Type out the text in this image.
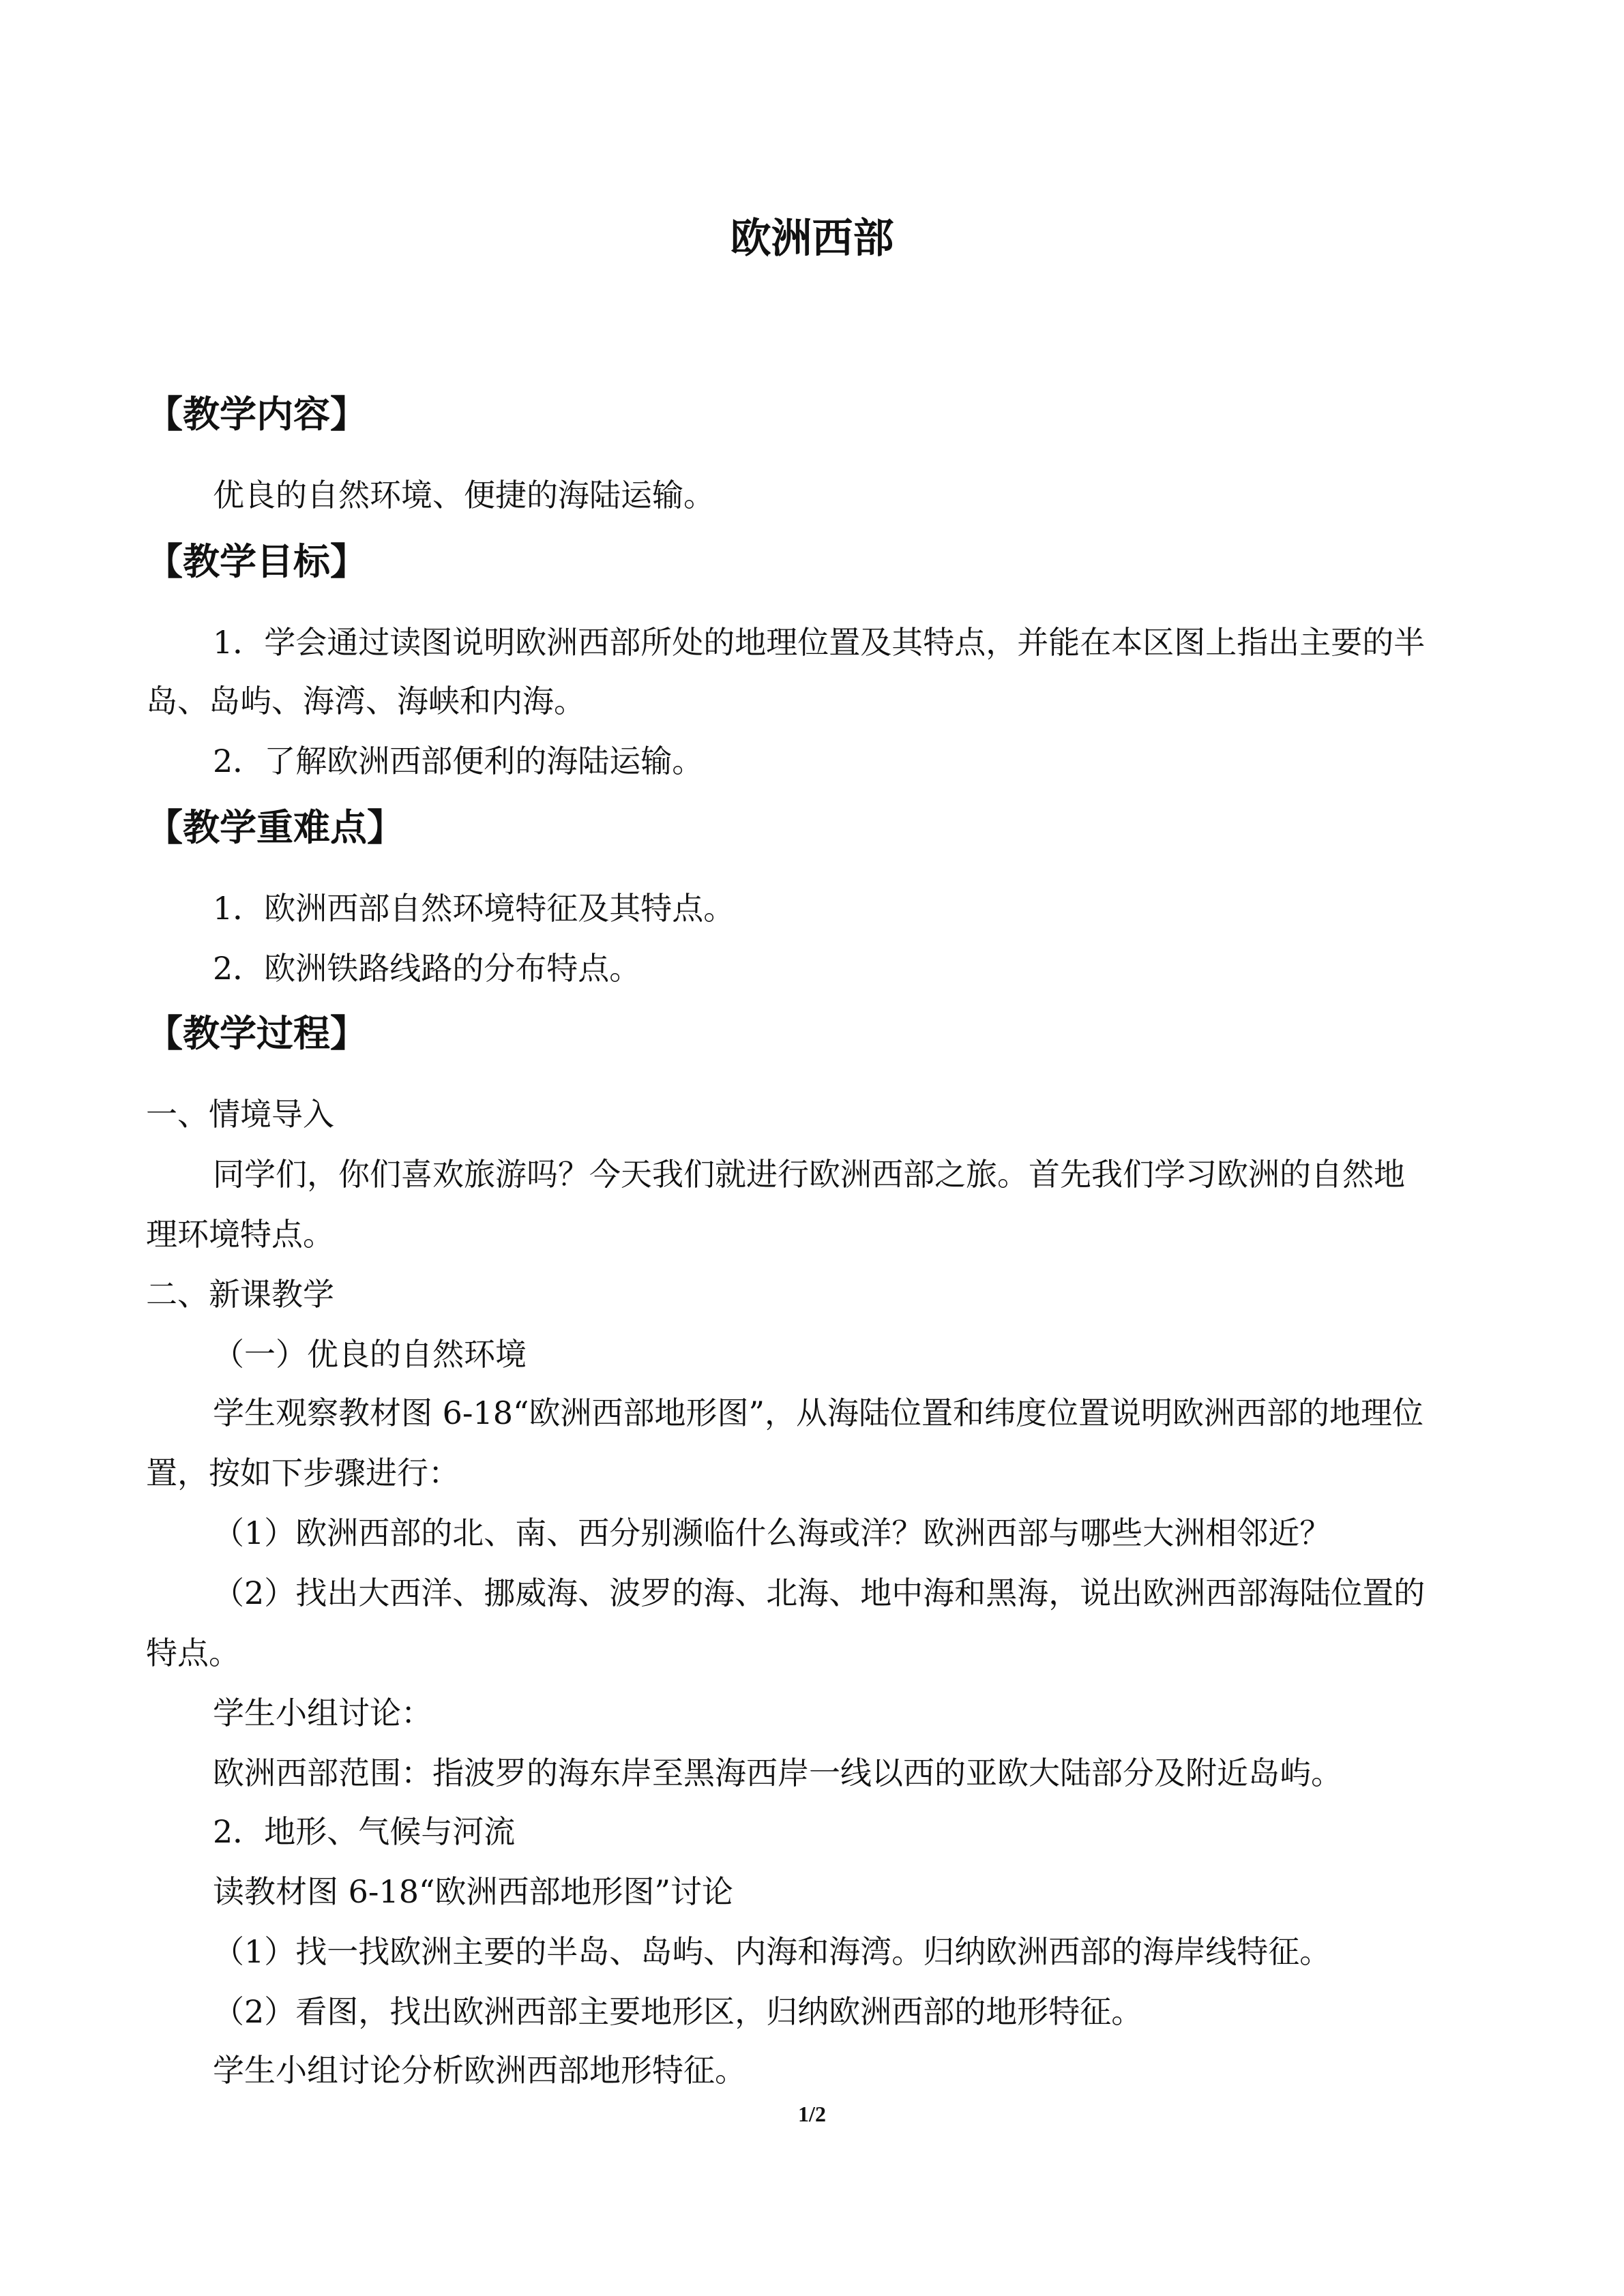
欧洲西部
【教学内容】
优良的自然环境、便捷的海陆运输。
【教学目标】
1．学会通过读图说明欧洲西部所处的地理位置及其特点，并能在本区图上指出主要的半
岛、岛屿、海湾、海峡和内海。
2．了解欧洲西部便利的海陆运输。
【教学重难点】
1．欧洲西部自然环境特征及其特点。
2．欧洲铁路线路的分布特点。
【教学过程】
一、情境导入
同学们，你们喜欢旅游吗？今天我们就进行欧洲西部之旅。首先我们学习欧洲的自然地
理环境特点。
二、新课教学
（一）优良的自然环境
学生观察教材图 6-18“欧洲西部地形图”，从海陆位置和纬度位置说明欧洲西部的地理位
置，按如下步骤进行：
（1）欧洲西部的北、南、西分别濒临什么海或洋？欧洲西部与哪些大洲相邻近？
（2）找出大西洋、挪威海、波罗的海、北海、地中海和黑海，说出欧洲西部海陆位置的
特点。
学生小组讨论：
欧洲西部范围：指波罗的海东岸至黑海西岸一线以西的亚欧大陆部分及附近岛屿。
2．地形、气候与河流
读教材图 6-18“欧洲西部地形图”讨论
（1）找一找欧洲主要的半岛、岛屿、内海和海湾。归纳欧洲西部的海岸线特征。
（2）看图，找出欧洲西部主要地形区，归纳欧洲西部的地形特征。
学生小组讨论分析欧洲西部地形特征。
1/2
